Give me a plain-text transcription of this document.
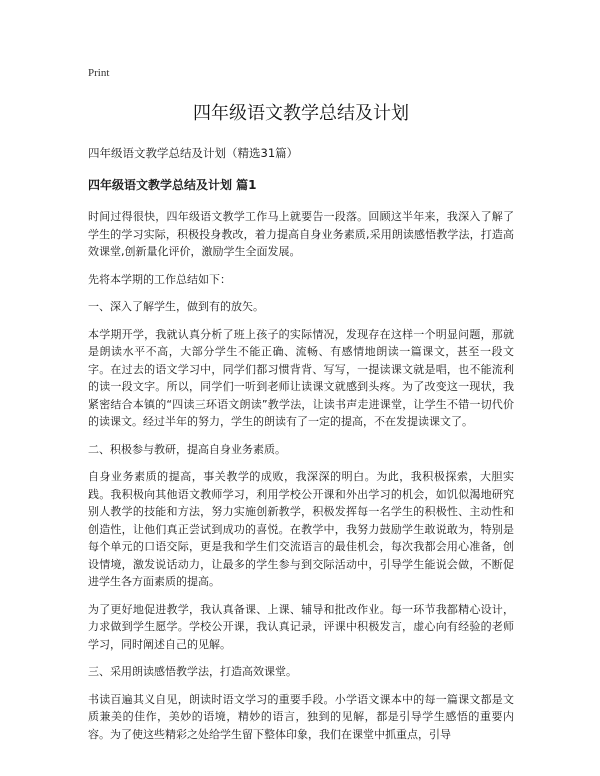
Print
四年级语文教学总结及计划
四年级语文教学总结及计划（精选31篇）
四年级语文教学总结及计划 篇1

时间过得很快，四年级语文教学工作马上就要告一段落。回顾这半年来，我深入了解了学生的学习实际，积极投身教改，着力提高自身业务素质,采用朗读感悟教学法，打造高效课堂,创新量化评价，激励学生全面发展。

先将本学期的工作总结如下：

一、深入了解学生，做到有的放矢。

本学期开学，我就认真分析了班上孩子的实际情况，发现存在这样一个明显问题，那就是朗读水平不高，大部分学生不能正确、流畅、有感情地朗读一篇课文，甚至一段文字。在过去的语文学习中，同学们都习惯背背、写写，一提读课文就是唱，也不能流利的读一段文字。所以，同学们一听到老师让读课文就感到头疼。为了改变这一现状，我紧密结合本镇的“四读三环语文朗读”教学法，让读书声走进课堂，让学生不错一切代价的读课文。经过半年的努力，学生的朗读有了一定的提高，不在发提读课文了。

二、积极参与教研，提高自身业务素质。

自身业务素质的提高，事关教学的成败，我深深的明白。为此，我积极探索，大胆实践。我积极向其他语文教师学习，利用学校公开课和外出学习的机会，如饥似渴地研究别人教学的技能和方法，努力实施创新教学，积极发挥每一名学生的积极性、主动性和创造性，让他们真正尝试到成功的喜悦。在教学中，我努力鼓励学生敢说敢为，特别是每个单元的口语交际，更是我和学生们交流语言的最佳机会，每次我都会用心准备，创设情境，激发说话动力，让最多的学生参与到交际活动中，引导学生能说会做，不断促进学生各方面素质的提高。

为了更好地促进教学，我认真备课、上课、辅导和批改作业。每一环节我都精心设计，力求做到学生愿学。学校公开课，我认真记录，评课中积极发言，虚心向有经验的老师学习，同时阐述自己的见解。

三、采用朗读感悟教学法，打造高效课堂。

书读百遍其义自见，朗读时语文学习的重要手段。小学语文课本中的每一篇课文都是文质兼美的佳作，美妙的语境，精妙的语言，独到的见解，都是引导学生感悟的重要内容。为了使这些精彩之处给学生留下整体印象，我们在课堂中抓重点，引导
